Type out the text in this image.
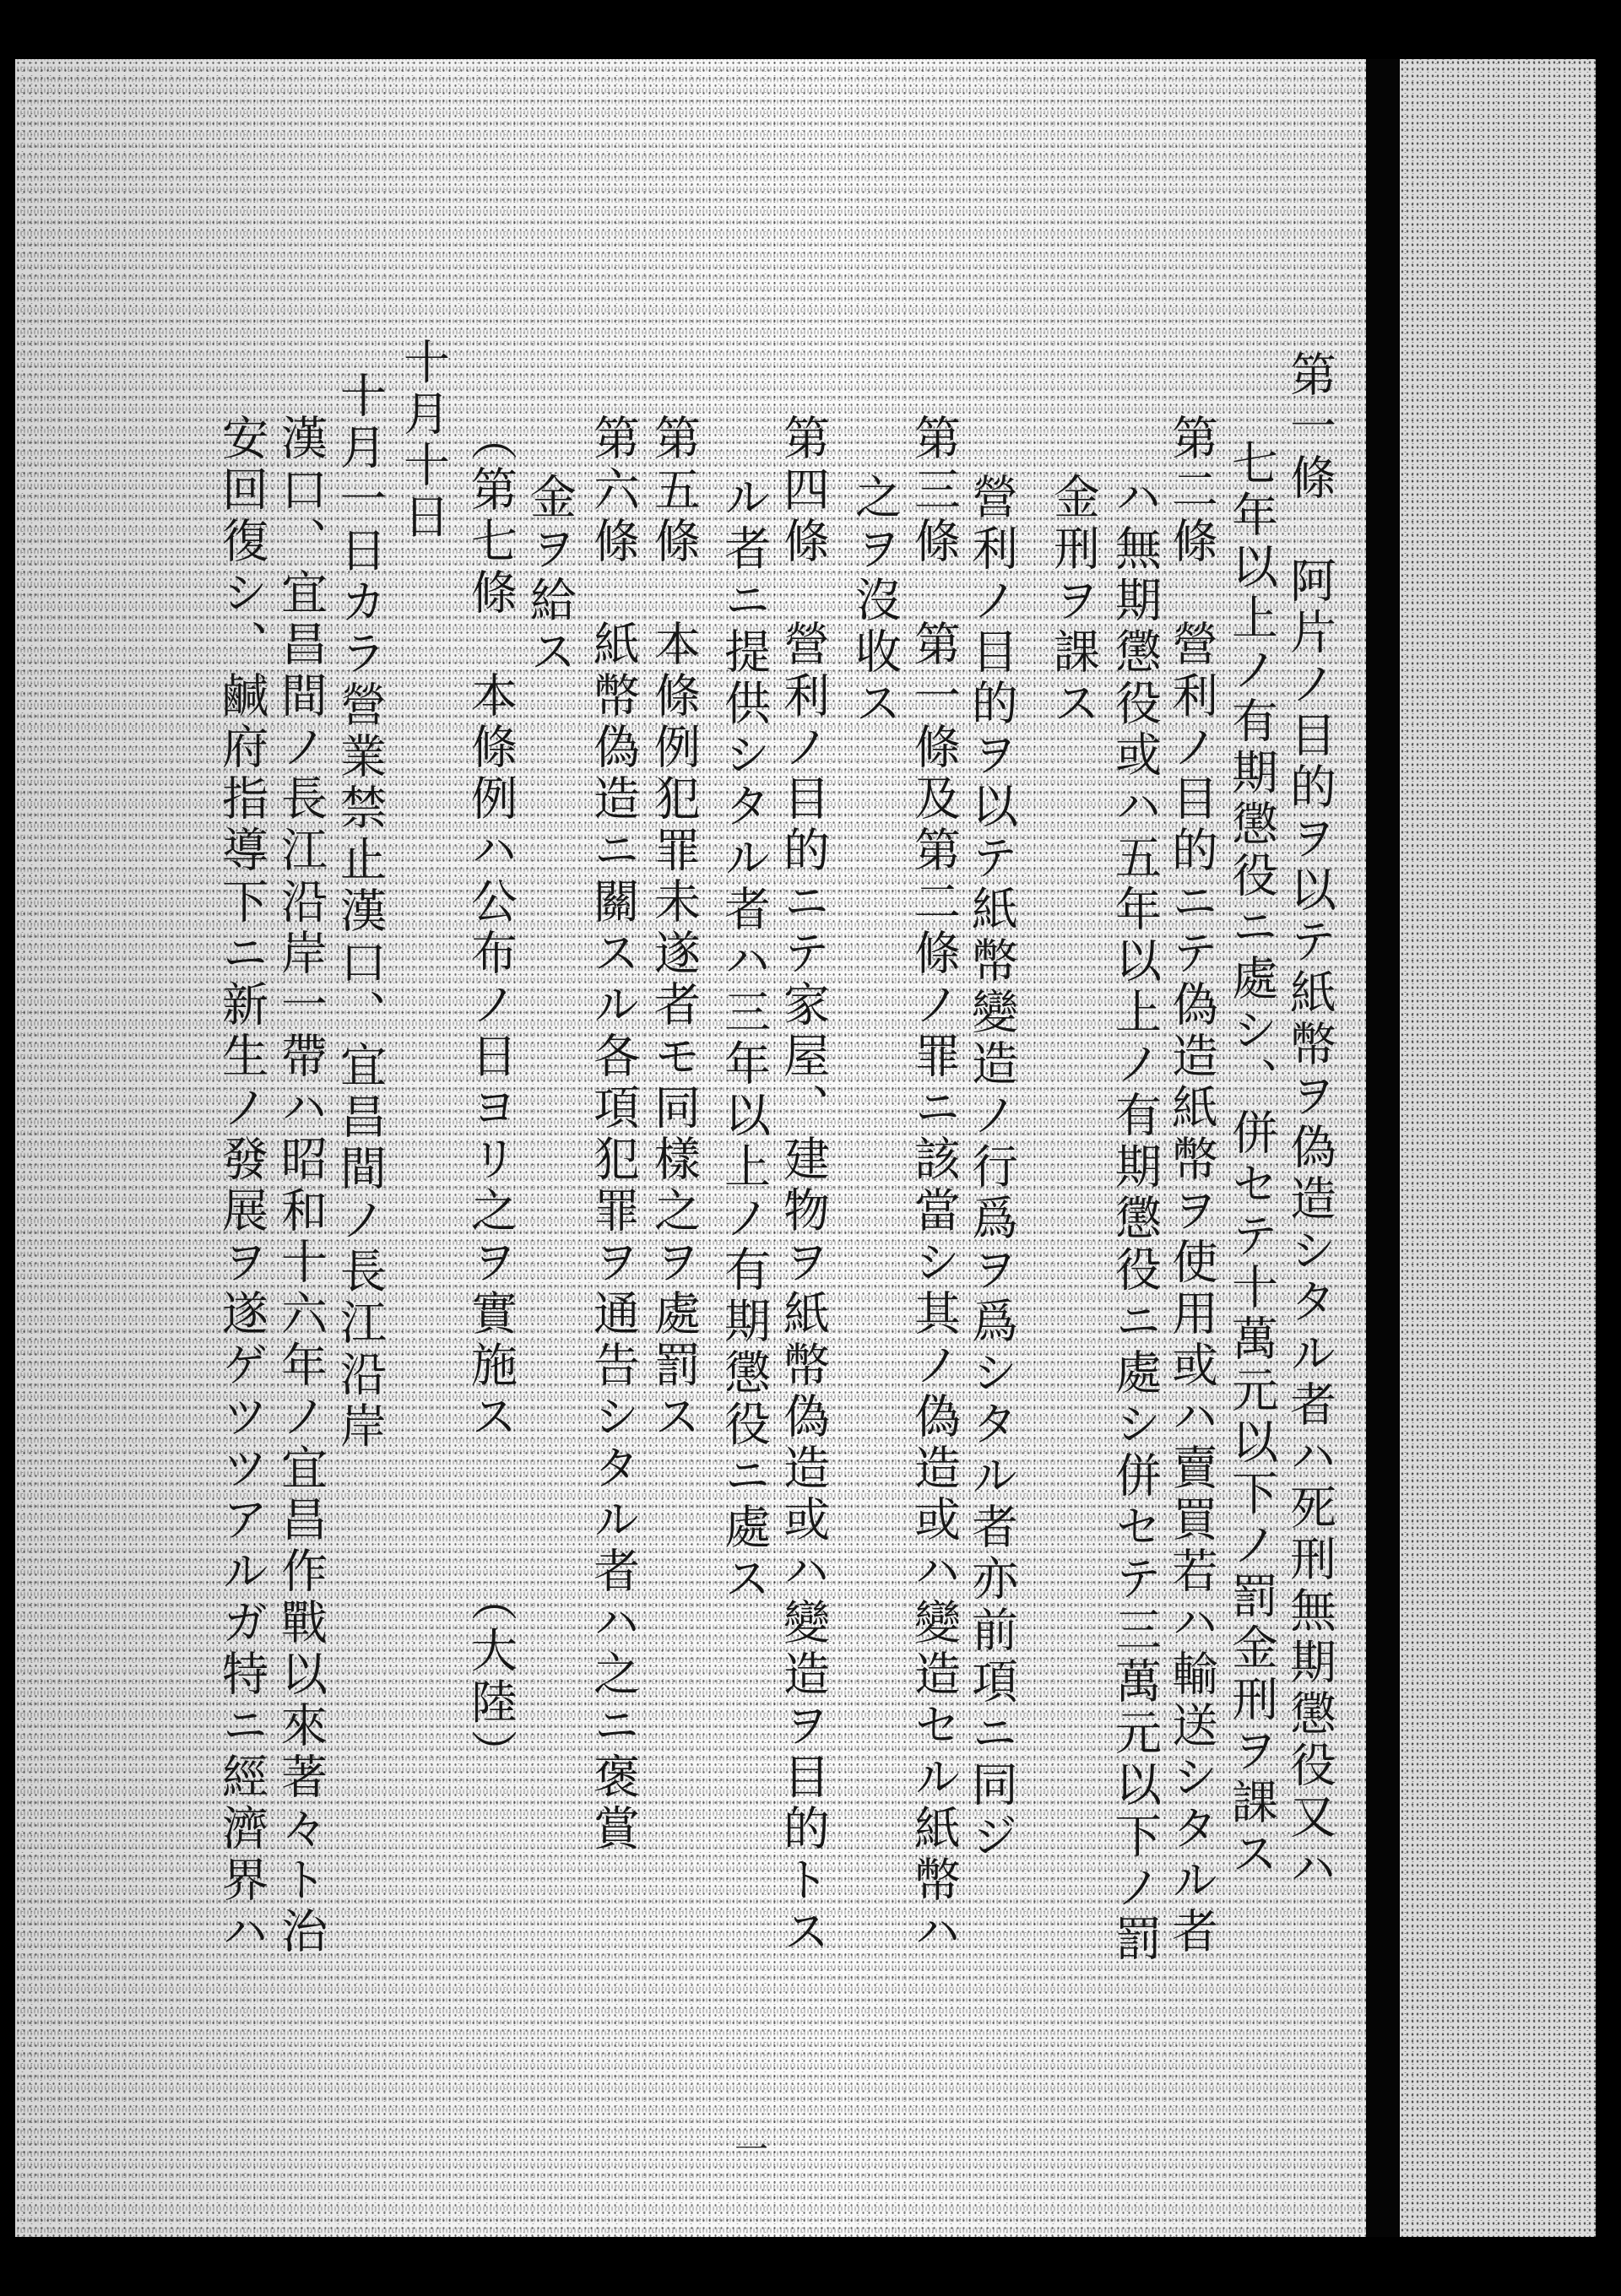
第一條　阿片ノ目的ヲ以テ紙幣ヲ偽造シタル者ハ死刑無期懲役又ハ
七年以上ノ有期懲役ニ處シ、併セテ十萬元以下ノ罰金刑ヲ課ス
第二條　營利ノ目的ニテ偽造紙幣ヲ使用或ハ賣買若ハ輸送シタル者
ハ無期懲役或ハ五年以上ノ有期懲役ニ處シ併セテ三萬元以下ノ罰
金刑ヲ課ス
營利ノ目的ヲ以テ紙幣變造ノ行爲ヲ爲シタル者亦前項ニ同ジ
第三條　第一條及第二條ノ罪ニ該當シ其ノ偽造或ハ變造セル紙幣ハ
之ヲ沒收ス
第四條　營利ノ目的ニテ家屋、建物ヲ紙幣偽造或ハ變造ヲ目的トス
ル者ニ提供シタル者ハ三年以上ノ有期懲役ニ處ス
第五條　本條例犯罪未遂者モ同樣之ヲ處罰ス
第六條　紙幣偽造ニ關スル各項犯罪ヲ通告シタル者ハ之ニ褒賞
金ヲ給ス
（第七條　本條例ハ公布ノ日ヨリ之ヲ實施ス　　　（大陸）
十月十日
十月一日カラ營業禁止漢口、宜昌間ノ長江沿岸
漢口、宜昌間ノ長江沿岸一帶ハ昭和十六年ノ宜昌作戰以來著々ト治
安回復シ、鹹府指導下ニ新生ノ發展ヲ遂ゲツツアルガ特ニ經濟界ハ
一
